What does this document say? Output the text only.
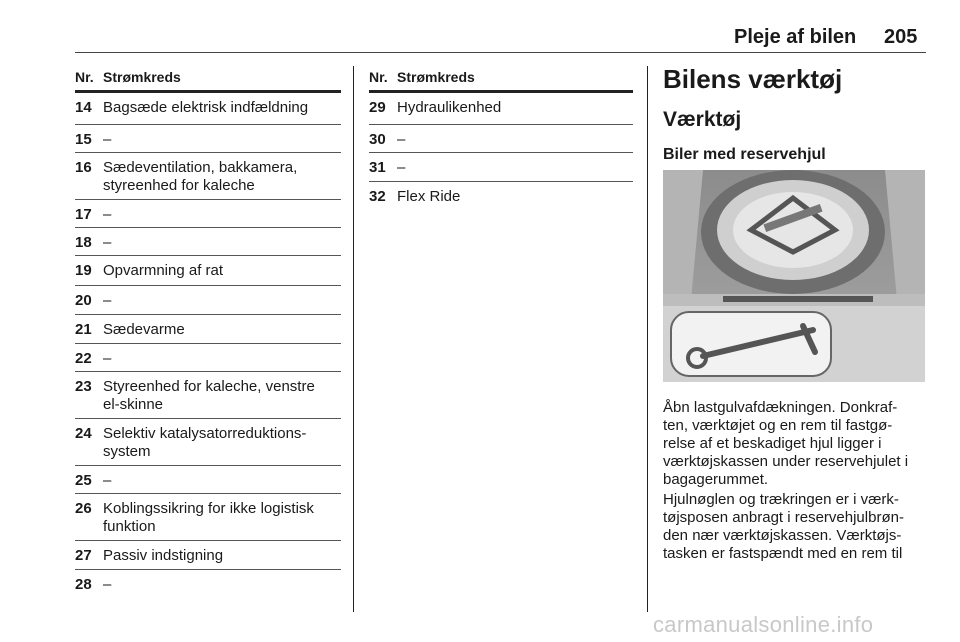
Pleje af bilen 205
Nr. Strømkreds
14 Bagsæde elektrisk indfældning
15 –
16 Sædeventilation, bakkamera,
styreenhed for kaleche
17 –
18 –
19 Opvarmning af rat
20 –
21 Sædevarme
22 –
23 Styreenhed for kaleche, venstre
el-skinne
24 Selektiv katalysatorreduktions-
system
25 –
26 Koblingssikring for ikke logistisk
funktion
27 Passiv indstigning
28 –
Nr. Strømkreds
29 Hydraulikenhed
30 –
31 –
32 Flex Ride
Bilens værktøj
Værktøj
Biler med reservehjul

Åbn lastgulvafdækningen. Donkraf-
ten, værktøjet og en rem til fastgø-
relse af et beskadiget hjul ligger i
værktøjskassen under reservehjulet i
bagagerummet.

Hjulnøglen og trækringen er i værk-
tøjsposen anbragt i reservehjulbrøn-
den nær værktøjskassen. Værktøjs-
tasken er fastspændt med en rem til

carmanualsonline.info
